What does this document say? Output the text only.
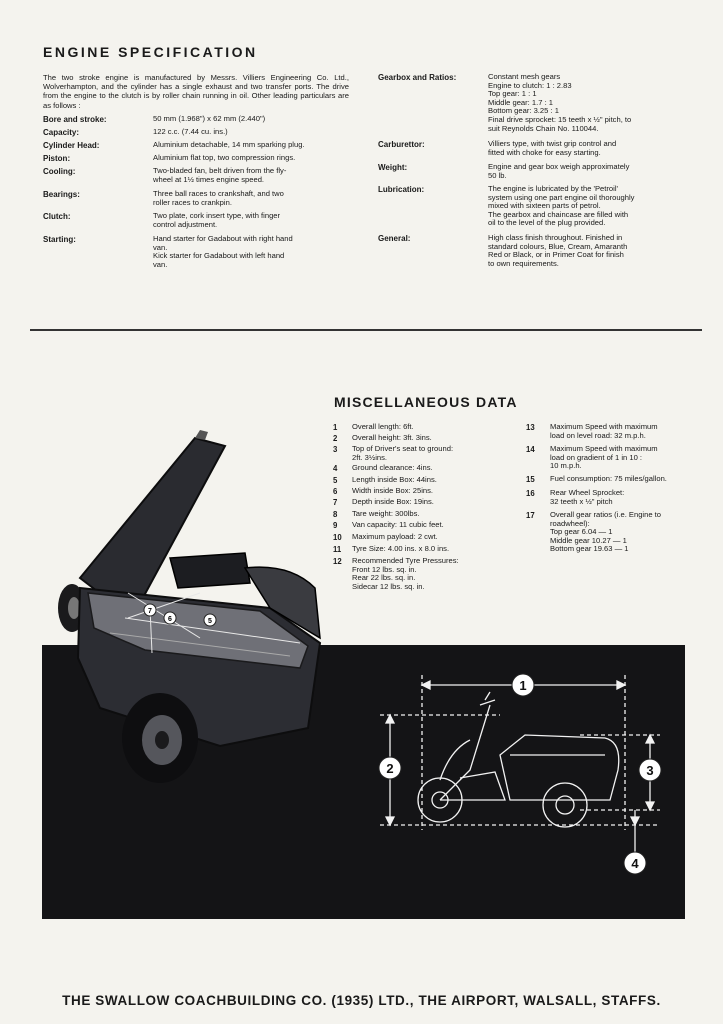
ENGINE SPECIFICATION
The two stroke engine is manufactured by Messrs. Villiers Engineering Co. Ltd., Wolverhampton, and the cylinder has a single exhaust and two transfer ports. The drive from the engine to the clutch is by roller chain running in oil. Other leading particulars are as follows :
Bore and stroke:	50 mm (1.968") x 62 mm (2.440")
Capacity:	122 c.c. (7.44 cu. ins.)
Cylinder Head:	Aluminium detachable, 14 mm sparking plug.
Piston:	Aluminium flat top, two compression rings.
Cooling:	Two-bladed fan, belt driven from the fly-
wheel at 1½ times engine speed.
Bearings:	Three ball races to crankshaft, and two
roller races to crankpin.
Clutch:	Two plate, cork insert type, with finger
control adjustment.
Starting:	Hand starter for Gadabout with right hand
van.
Kick starter for Gadabout with left hand
van.
Gearbox and Ratios:	Constant mesh gears
Engine to clutch: 1 : 2.83
Top gear: 1 : 1
Middle gear: 1.7 : 1
Bottom gear: 3.25 : 1
Final drive sprocket: 15 teeth x ½" pitch, to
suit Reynolds Chain No. 110044.
Carburettor:	Villiers type, with twist grip control and
fitted with choke for easy starting.
Weight:	Engine and gear box weigh approximately
50 lb.
Lubrication:	The engine is lubricated by the 'Petroil'
system using one part engine oil thoroughly
mixed with sixteen parts of petrol.
The gearbox and chaincase are filled with
oil to the level of the plug provided.
General:	High class finish throughout. Finished in
standard colours, Blue, Cream, Amaranth
Red or Black, or in Primer Coat for finish
to own requirements.
MISCELLANEOUS DATA
1	Overall length: 6ft.
2	Overall height: 3ft. 3ins.
3	Top of Driver's seat to ground:
2ft. 3½ins.
4	Ground clearance: 4ins.
5	Length inside Box: 44ins.
6	Width inside Box: 25ins.
7	Depth inside Box: 19ins.
8	Tare weight: 300lbs.
9	Van capacity: 11 cubic feet.
10	Maximum payload: 2 cwt.
11	Tyre Size: 4.00 ins. x 8.0 ins.
12	Recommended Tyre Pressures:
Front 12 lbs. sq. in.
Rear 22 lbs. sq. in.
Sidecar 12 lbs. sq. in.
13	Maximum Speed with maximum
load on level road: 32 m.p.h.
14	Maximum Speed with maximum
load on gradient of 1 in 10 :
10 m.p.h.
15	Fuel consumption: 75 miles/gallon.
16	Rear Wheel Sprocket:
32 teeth x ½" pitch
17	Overall gear ratios (i.e. Engine to
roadwheel):
Top gear 6.04 — 1
Middle gear 10.27 — 1
Bottom gear 19.63 — 1
7
6	5
1
2	3
4
THE SWALLOW COACHBUILDING CO. (1935) LTD., THE AIRPORT, WALSALL, STAFFS.
